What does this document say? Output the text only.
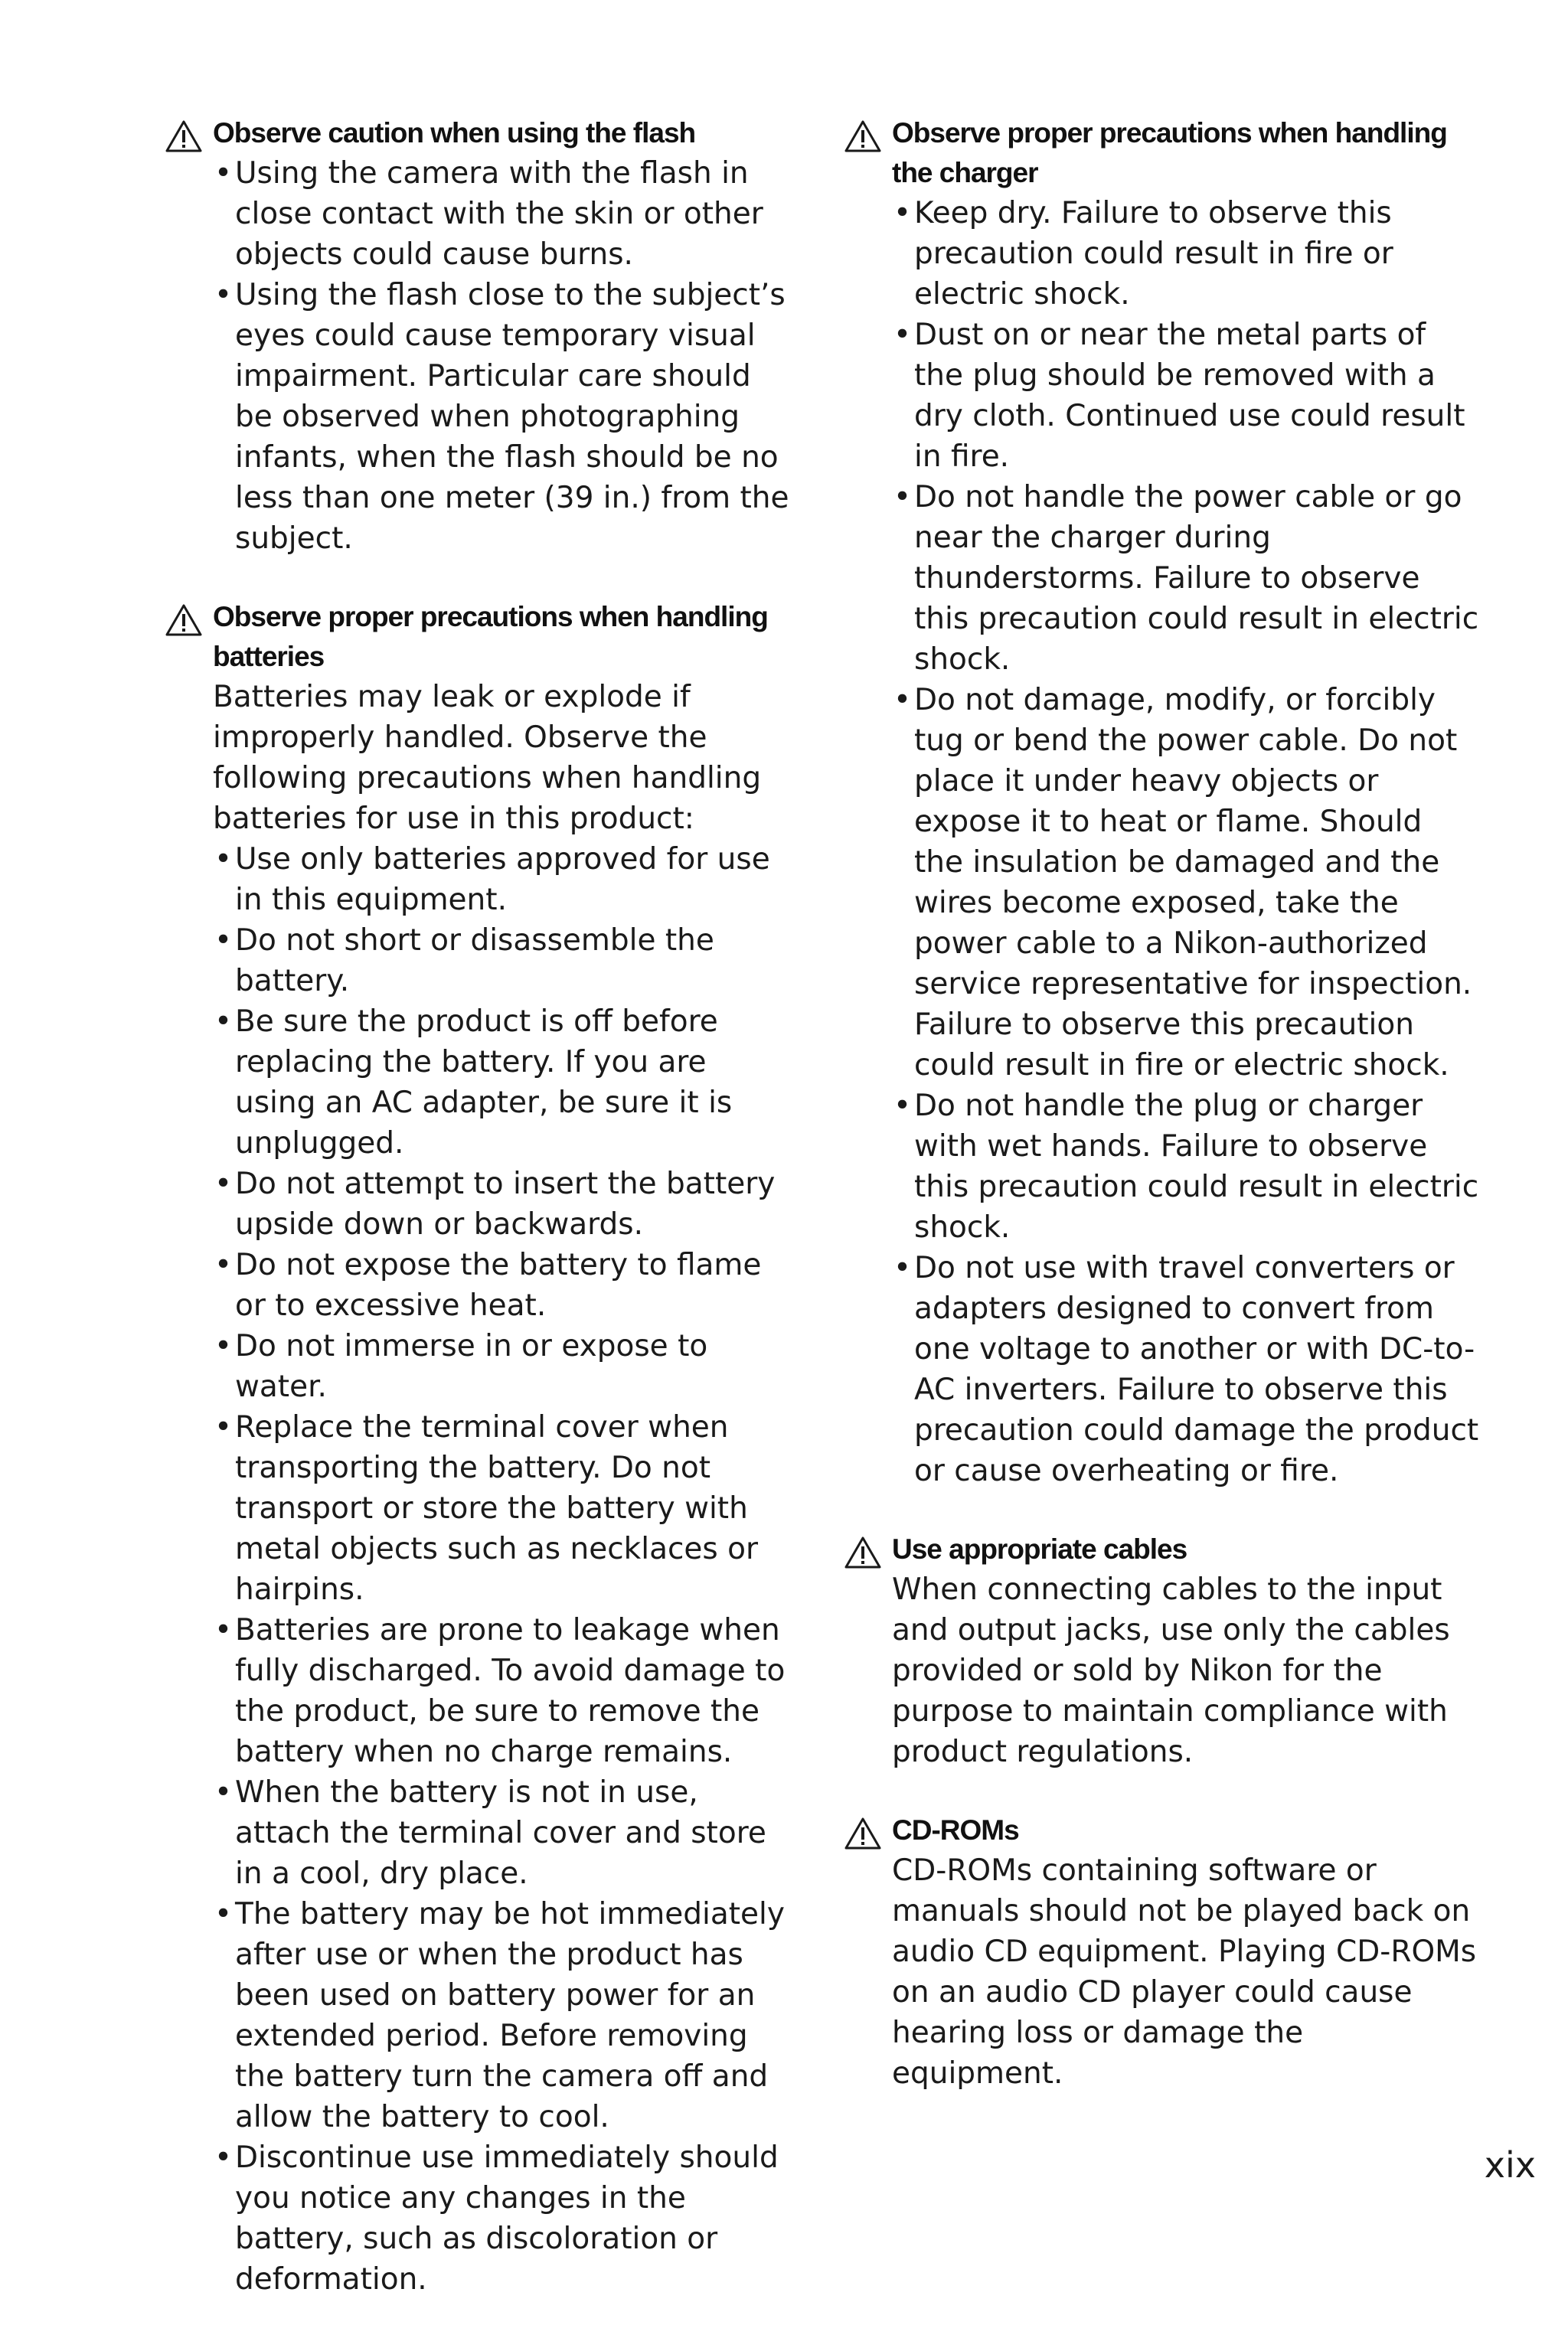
Observe caution when using the flash
• Using the camera with the flash in close contact with the skin or other objects could cause burns.
• Using the flash close to the subject’s eyes could cause temporary visual impairment. Particular care should be observed when photographing infants, when the flash should be no less than one meter (39 in.) from the subject.
Observe proper precautions when handling batteries
Batteries may leak or explode if improperly handled. Observe the following precautions when handling batteries for use in this product:
• Use only batteries approved for use in this equipment.
• Do not short or disassemble the battery.
• Be sure the product is off before replacing the battery. If you are using an AC adapter, be sure it is unplugged.
• Do not attempt to insert the battery upside down or backwards.
• Do not expose the battery to flame or to excessive heat.
• Do not immerse in or expose to water.
• Replace the terminal cover when transporting the battery. Do not transport or store the battery with metal objects such as necklaces or hairpins.
• Batteries are prone to leakage when fully discharged. To avoid damage to the product, be sure to remove the battery when no charge remains.
• When the battery is not in use, attach the terminal cover and store in a cool, dry place.
• The battery may be hot immediately after use or when the product has been used on battery power for an extended period. Before removing the battery turn the camera off and allow the battery to cool.
• Discontinue use immediately should you notice any changes in the battery, such as discoloration or deformation.
Observe proper precautions when handling the charger
• Keep dry. Failure to observe this precaution could result in fire or electric shock.
• Dust on or near the metal parts of the plug should be removed with a dry cloth. Continued use could result in fire.
• Do not handle the power cable or go near the charger during thunderstorms. Failure to observe this precaution could result in electric shock.
• Do not damage, modify, or forcibly tug or bend the power cable. Do not place it under heavy objects or expose it to heat or flame. Should the insulation be damaged and the wires become exposed, take the power cable to a Nikon-authorized service representative for inspection. Failure to observe this precaution could result in fire or electric shock.
• Do not handle the plug or charger with wet hands. Failure to observe this precaution could result in electric shock.
• Do not use with travel converters or adapters designed to convert from one voltage to another or with DC-to-AC inverters. Failure to observe this precaution could damage the product or cause overheating or fire.
Use appropriate cables
When connecting cables to the input and output jacks, use only the cables provided or sold by Nikon for the purpose to maintain compliance with product regulations.
CD-ROMs
CD-ROMs containing software or manuals should not be played back on audio CD equipment. Playing CD-ROMs on an audio CD player could cause hearing loss or damage the equipment.
xix
